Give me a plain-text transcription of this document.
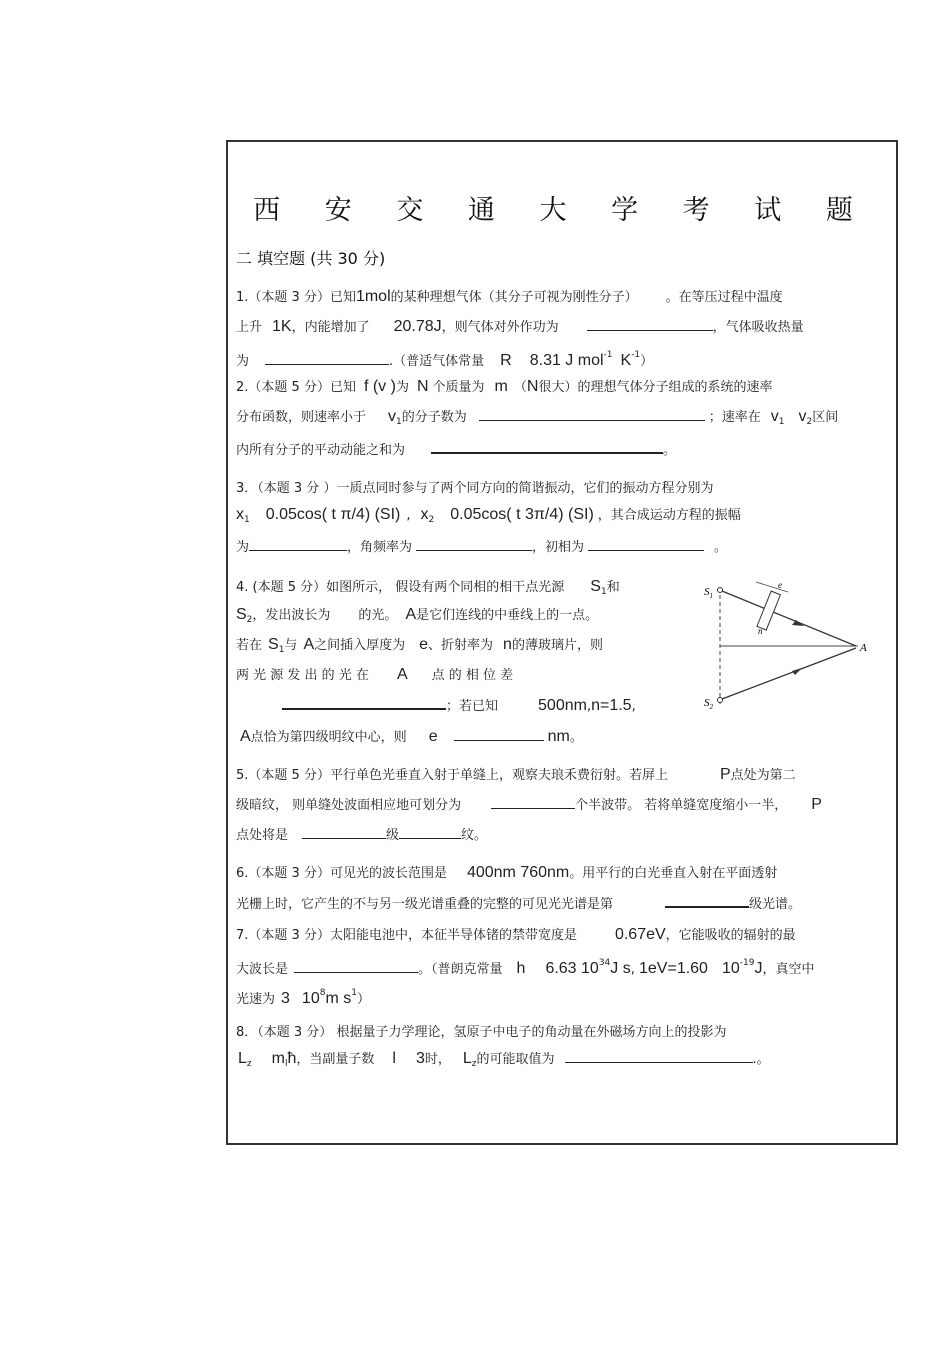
西 安 交 通 大 学 考 试 题
二 填空题 (共 30 分)
1.（本题 3 分）已知1mol的某种理想气体（其分子可视为刚性分子） 。在等压过程中温度
上升 1K，内能增加了 20.78J，则气体对外作功为	，气体吸收热量
为	.（普适气体常量 R 8.31 J mol$^{-1}$ $K^{-1}$）
2.（本题 5 分）已知 f (v )为 N 个质量为 m （N很大）的理想气体分子组成的系统的速率
分布函数，则速率小于 $v_1$的分子数为	；速率在 $v_1$ $v_2$区间
内所有分子的平动动能之和为	。
3．（本题 3 分 ）一质点同时参与了两个同方向的简谐振动，它们的振动方程分别为
$x_1$ 0.05cos( t π/4) (SI) , $x_2$ 0.05cos( t 3π/4) (SI) ，其合成运动方程的振幅
为	，角频率为	，初相为	。
4. (本题 5 分）如图所示， 假设有两个同相的相干点光源 $S_1$和
$S_2$，发出波长为 的光。 A是它们连线的中垂线上的一点。
若在 $S_1$与 A之间插入厚度为 e、折射率为 n的薄玻璃片，则
两 光 源 发 出 的 光 在 A 点 的 相 位 差
；若已知	500nm,n=1.5,
A点恰为第四级明纹中心，则 e	nm。
$S_1$
$S_2$
e
n
A
5.（本题 5 分）平行单色光垂直入射于单缝上，观察夫琅禾费衍射。若屏上	P点处为第二
级暗纹， 则单缝处波面相应地可划分为	个半波带。 若将单缝宽度缩小一半， P
点处将是	级	纹。
6.（本题 3 分）可见光的波长范围是 400nm 760nm。用平行的白光垂直入射在平面透射
光栅上时，它产生的不与另一级光谱重叠的完整的可见光光谱是第	级光谱。
7.（本题 3 分）太阳能电池中，本征半导体锗的禁带宽度是 0.67eV，它能吸收的辐射的最
大波长是	。（普朗克常量 h 6.63 $10^{34}J$ s, 1eV=1.60 $10^{-19}J$，真空中
光速为 3 $10^8m$ $s^1$）
8．（本题 3 分） 根据量子力学理论，氢原子中电子的角动量在外磁场方向上的投影为
$L_z$ $m_lħ$，当副量子数 l 3时， $L_z$的可能取值为	.。
